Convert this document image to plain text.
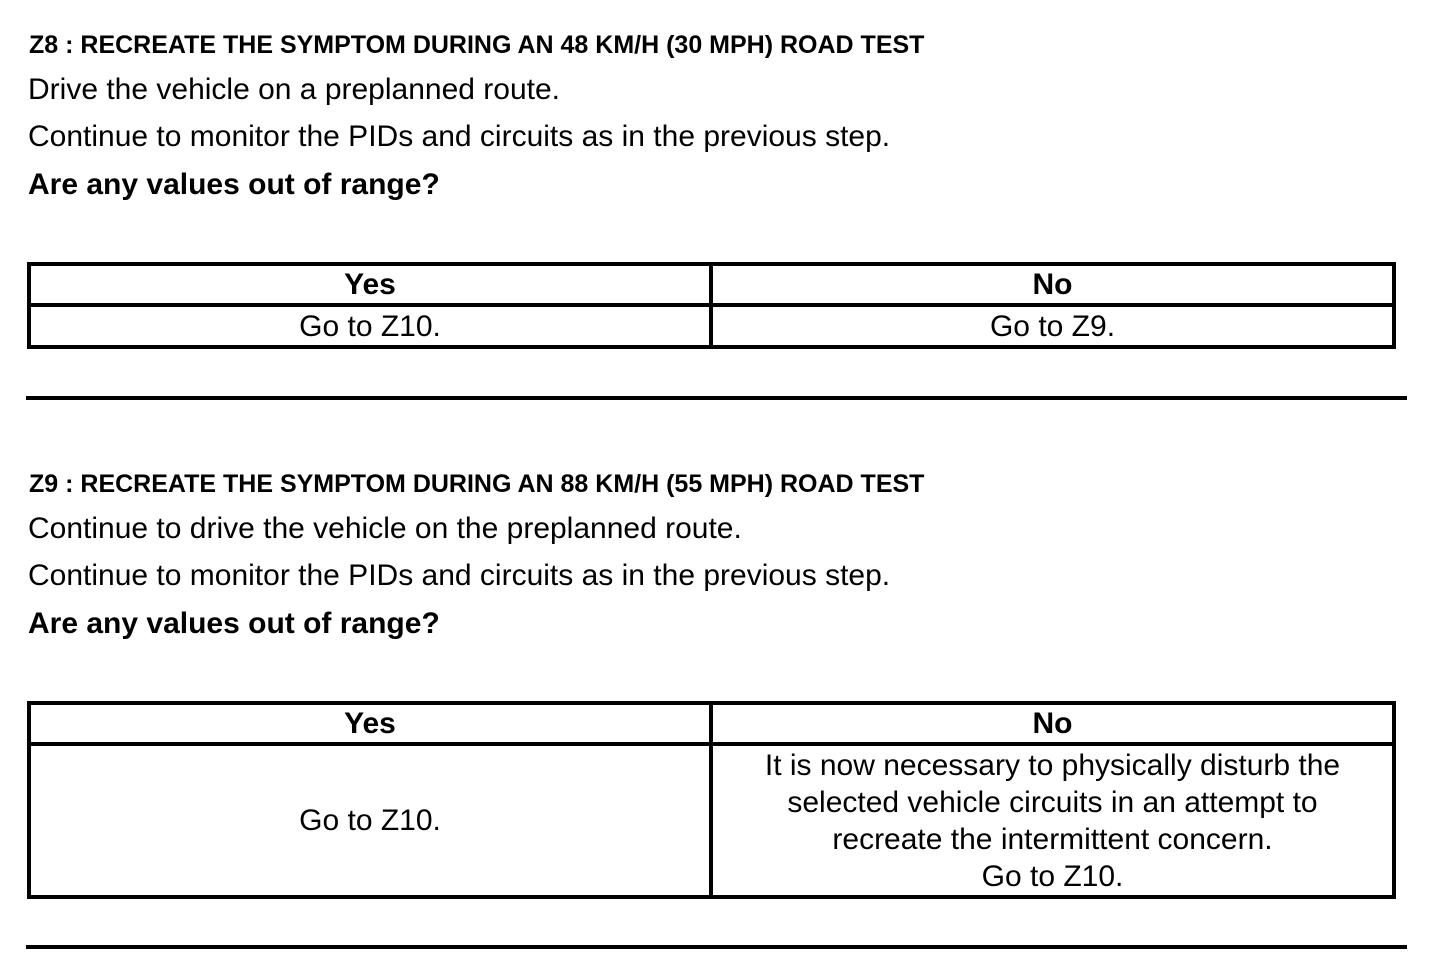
Z8 : RECREATE THE SYMPTOM DURING AN 48 KM/H (30 MPH) ROAD TEST
Drive the vehicle on a preplanned route.
Continue to monitor the PIDs and circuits as in the previous step.
Are any values out of range?
Yes	No
Go to Z10.	Go to Z9.
Z9 : RECREATE THE SYMPTOM DURING AN 88 KM/H (55 MPH) ROAD TEST
Continue to drive the vehicle on the preplanned route.
Continue to monitor the PIDs and circuits as in the previous step.
Are any values out of range?
Yes	No
Go to Z10.	It is now necessary to physically disturb the
selected vehicle circuits in an attempt to
recreate the intermittent concern.
Go to Z10.
